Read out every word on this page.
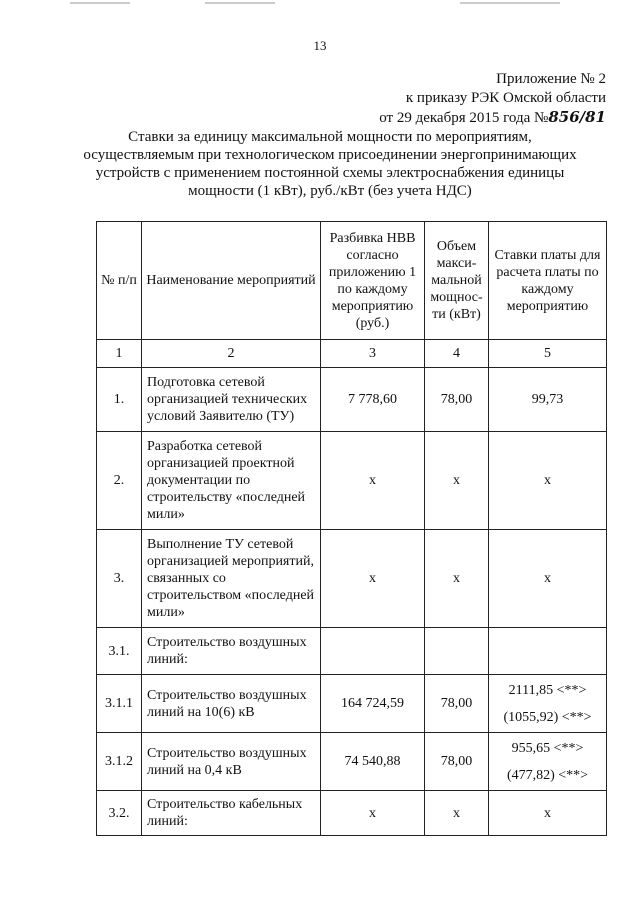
13
Приложение № 2
к приказу РЭК Омской области
от 29 декабря 2015 года №856/81
Ставки за единицу максимальной мощности по мероприятиям,
осуществляемым при технологическом присоединении энергопринимающих
устройств с применением постоянной схемы электроснабжения единицы
мощности (1 кВт), руб./кВт (без учета НДС)
№ п/п	Наименование мероприятий	Разбивка НВВ согласно приложению 1 по каждому мероприятию (руб.)	Объем макси-мальной мощнос-ти (кВт)	Ставки платы для расчета платы по каждому мероприятию
1	2	3	4	5
1.	Подготовка сетевой организацией технических условий Заявителю (ТУ)	7 778,60	78,00	99,73
2.	Разработка сетевой организацией проектной документации по строительству «последней мили»	x	x	x
3.	Выполнение ТУ сетевой организацией мероприятий, связанных со строительством «последней мили»	x	x	x
3.1.	Строительство воздушных линий:			
3.1.1	Строительство воздушных линий на 10(6) кВ	164 724,59	78,00	2111,85 <**>
(1055,92) <**>

3.1.2	Строительство воздушных линий на 0,4 кВ	74 540,88	78,00	955,65 <**>
(477,82) <**>

3.2.	Строительство кабельных линий:	x	x	x
